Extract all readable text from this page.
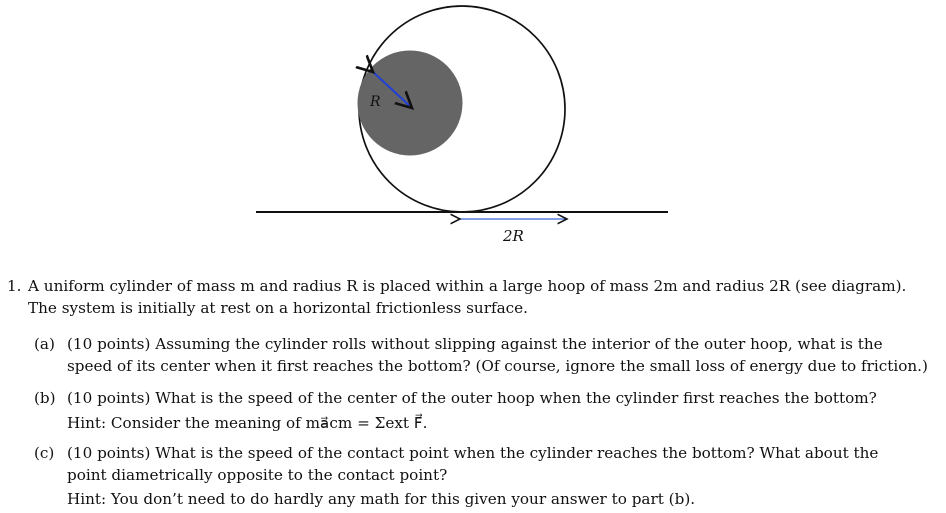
R
2R
1. A uniform cylinder of mass m and radius R is placed within a large hoop of mass 2m and radius 2R (see diagram).
The system is initially at rest on a horizontal frictionless surface.
(a) (10 points) Assuming the cylinder rolls without slipping against the interior of the outer hoop, what is the
speed of its center when it first reaches the bottom? (Of course, ignore the small loss of energy due to friction.)
(b) (10 points) What is the speed of the center of the outer hoop when the cylinder first reaches the bottom?
Hint: Consider the meaning of ma⃗cm = Σext F⃗.
(c) (10 points) What is the speed of the contact point when the cylinder reaches the bottom? What about the
point diametrically opposite to the contact point?
Hint: You don’t need to do hardly any math for this given your answer to part (b).
